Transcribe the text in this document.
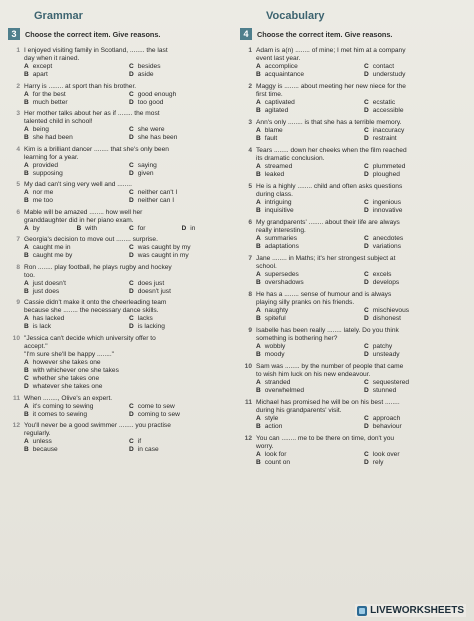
Grammar
3	Choose the correct item. Give reasons.
1 I enjoyed visiting family in Scotland, ........ the last
day when it rained.
A except	C besides
B apart	D aside
2 Harry is ........ at sport than his brother.
A for the best	C good enough
B much better	D too good
3 Her mother talks about her as if ........ the most
talented child in school!
A being	C she were
B she had been	D she has been
4 Kim is a brilliant dancer ........ that she's only been
learning for a year.
A provided	C saying
B supposing	D given
5 My dad can't sing very well and ........
A nor me	C neither can't I
B me too	D neither can I
6 Mable will be amazed ........ how well her
granddaughter did in her piano exam.
A by	B with	C for	D in
7 Georgia's decision to move out ........ surprise.
A caught me in	C was caught by my
B caught me by	D was caught in my
8 Ron ........ play football, he plays rugby and hockey
too.
A just doesn't	C does just
B just does	D doesn't just
9 Cassie didn't make it onto the cheerleading team
because she ........ the necessary dance skills.
A has lacked	C lacks
B is lack	D is lacking
10 "Jessica can't decide which university offer to
accept."
"I'm sure she'll be happy ........"
A however she takes one
B with whichever one she takes
C whether she takes one
D whatever she takes one
11 When ........, Olive's an expert.
A it's coming to sewing	C come to sew
B it comes to sewing	D coming to sew
12 You'll never be a good swimmer ........ you practise
regularly.
A unless	C if
B because	D in case
Vocabulary
4	Choose the correct item. Give reasons.
1 Adam is a(n) ........ of mine; I met him at a company
event last year.
A accomplice	C contact
B acquaintance	D understudy
2 Maggy is ........ about meeting her new niece for the
first time.
A captivated	C ecstatic
B agitated	D accessible
3 Ann's only ........ is that she has a terrible memory.
A blame	C inaccuracy
B fault	D restraint
4 Tears ........ down her cheeks when the film reached
its dramatic conclusion.
A streamed	C plummeted
B leaked	D ploughed
5 He is a highly ........ child and often asks questions
during class.
A intriguing	C ingenious
B inquisitive	D innovative
6 My grandparents' ........ about their life are always
really interesting.
A summaries	C anecdotes
B adaptations	D variations
7 Jane ........ in Maths; it's her strongest subject at
school.
A supersedes	C excels
B overshadows	D develops
8 He has a ........ sense of humour and is always
playing silly pranks on his friends.
A naughty	C mischievous
B spiteful	D dishonest
9 Isabelle has been really ........ lately. Do you think
something is bothering her?
A wobbly	C patchy
B moody	D unsteady
10 Sam was ........ by the number of people that came
to wish him luck on his new endeavour.
A stranded	C sequestered
B overwhelmed	D stunned
11 Michael has promised he will be on his best ........
during his grandparents' visit.
A style	C approach
B action	D behaviour
12 You can ........ me to be there on time, don't you
worry.
A look for	C look over
B count on	D rely
LIVEWORKSHEETS
